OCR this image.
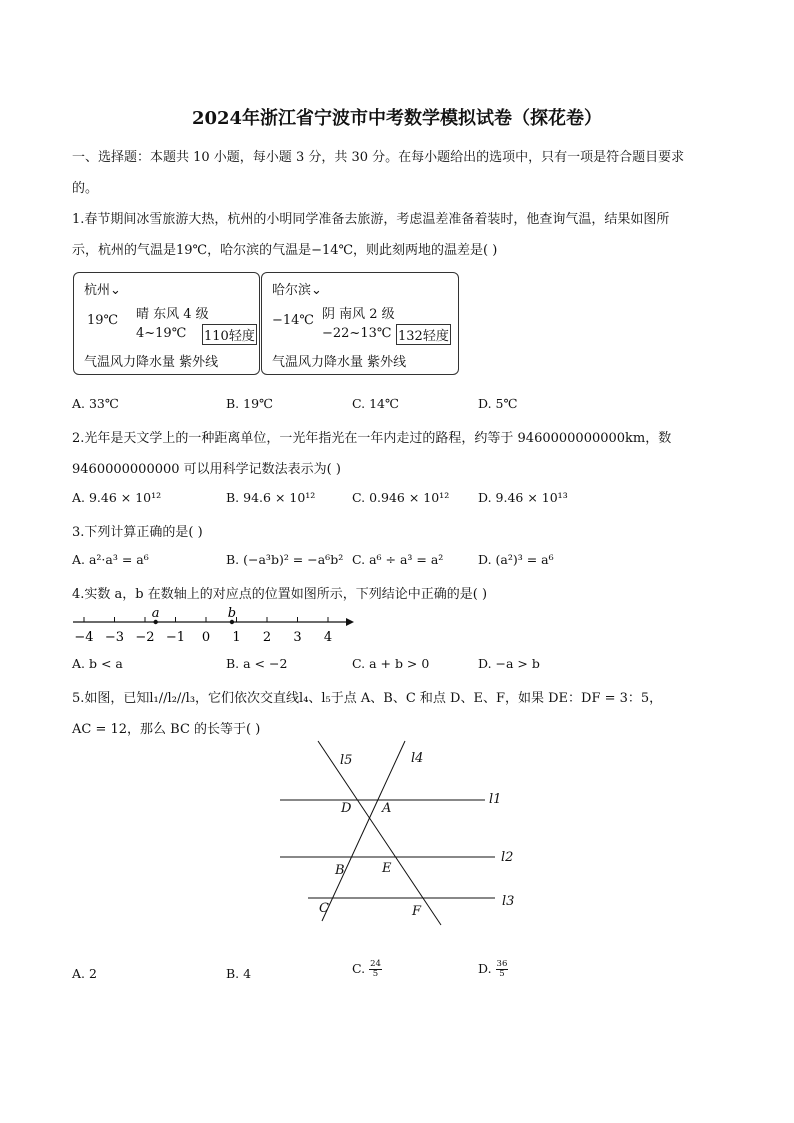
2024年浙江省宁波市中考数学模拟试卷（探花卷）
一、选择题：本题共 10 小题，每小题 3 分，共 30 分。在每小题给出的选项中，只有一项是符合题目要求
的。
1.春节期间冰雪旅游大热，杭州的小明同学准备去旅游，考虑温差准备着装时，他查询气温，结果如图所
示，杭州的气温是19℃，哈尔滨的气温是−14℃，则此刻两地的温差是( )
杭州⌄
19℃ 晴 东风 4 级
4~19℃ 110轻度
气温风力降水量 紫外线
哈尔滨⌄
−14℃ 阴 南风 2 级
−22~13℃ 132轻度
气温风力降水量 紫外线
A. 33℃	B. 19℃	C. 14℃	D. 5℃
2.光年是天文学上的一种距离单位，一光年指光在一年内走过的路程，约等于 9460000000000km，数
9460000000000 可以用科学记数法表示为( )
A. 9.46 × 10¹²	B. 94.6 × 10¹²	C. 0.946 × 10¹² D. 9.46 × 10¹³
3.下列计算正确的是( )
A. a²·a³ = a⁶	B. (−a³b)² = −a⁶b² C. a⁶ ÷ a³ = a²	D. (a²)³ = a⁶
4.实数 a，b 在数轴上的对应点的位置如图所示，下列结论中正确的是( )
−4 −3 −2 −1 0 1 2 3 4
a	b
A. b < a	B. a < −2	C. a + b > 0	D. −a > b
5.如图，已知l₁//l₂//l₃，它们依次交直线l₄、l₅于点 A、B、C 和点 D、E、F，如果 DE：DF = 3：5，
AC = 12，那么 BC 的长等于( )
l5	l4
l1
l2
l3
D A
B	E
C	F
A. 2	B. 4	C. $\frac{24}{5}$	D. $\frac{36}{5}$
